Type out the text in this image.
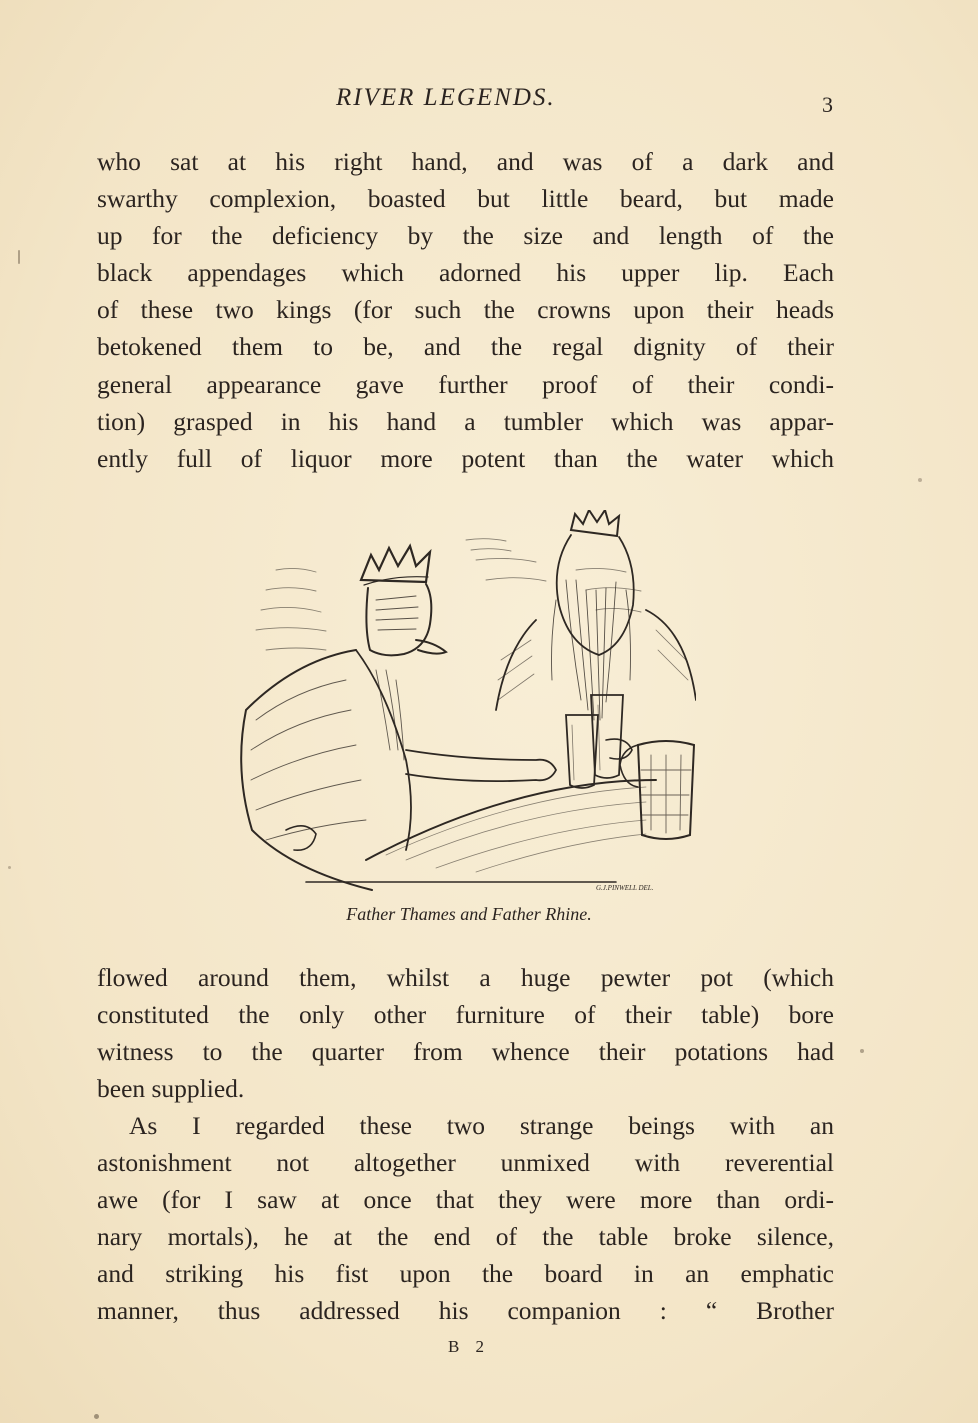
RIVER LEGENDS.	3
who sat at his right hand, and was of a dark and
swarthy complexion, boasted but little beard, but made
up for the deficiency by the size and length of the
black appendages which adorned his upper lip. Each
of these two kings (for such the crowns upon their heads
betokened them to be, and the regal dignity of their
general appearance gave further proof of their condi-
tion) grasped in his hand a tumbler which was appar-
ently full of liquor more potent than the water which
G.J.PINWELL DEL.
Father Thames and Father Rhine.
flowed around them, whilst a huge pewter pot (which
constituted the only other furniture of their table) bore
witness to the quarter from whence their potations had
been supplied.
As I regarded these two strange beings with an
astonishment not altogether unmixed with reverential
awe (for I saw at once that they were more than ordi-
nary mortals), he at the end of the table broke silence,
and striking his fist upon the board in an emphatic
manner, thus addressed his companion : “ Brother
B 2
